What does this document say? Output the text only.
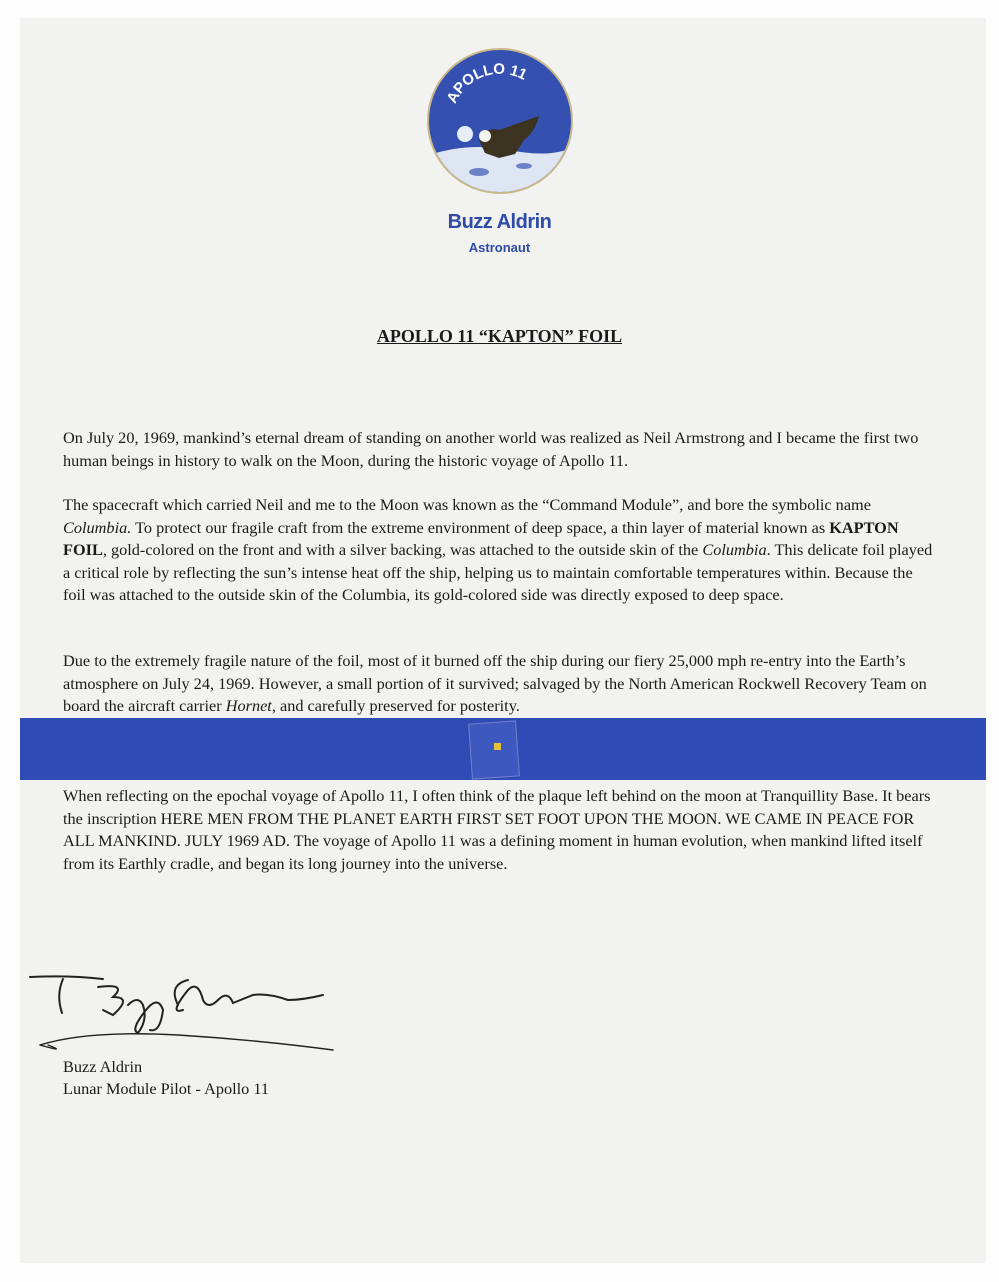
APOLLO 11
Buzz Aldrin
Astronaut
APOLLO 11 “KAPTON” FOIL

On July 20, 1969, mankind’s eternal dream of standing on another world was realized as Neil Armstrong and I became the first two human beings in history to walk on the Moon, during the historic voyage of Apollo 11.

The spacecraft which carried Neil and me to the Moon was known as the “Command Module”, and bore the symbolic name Columbia. To protect our fragile craft from the extreme environment of deep space, a thin layer of material known as KAPTON FOIL, gold-colored on the front and with a silver backing, was attached to the outside skin of the Columbia. This delicate foil played a critical role by reflecting the sun’s intense heat off the ship, helping us to maintain comfortable temperatures within. Because the foil was attached to the outside skin of the Columbia, its gold-colored side was directly exposed to deep space.

Due to the extremely fragile nature of the foil, most of it burned off the ship during our fiery 25,000 mph re-entry into the Earth’s atmosphere on July 24, 1969. However, a small portion of it survived; salvaged by the North American Rockwell Recovery Team on board the aircraft carrier Hornet, and carefully preserved for posterity.

When reflecting on the epochal voyage of Apollo 11, I often think of the plaque left behind on the moon at Tranquillity Base. It bears the inscription HERE MEN FROM THE PLANET EARTH FIRST SET FOOT UPON THE MOON. WE CAME IN PEACE FOR ALL MANKIND. JULY 1969 AD. The voyage of Apollo 11 was a defining moment in human evolution, when mankind lifted itself from its Earthly cradle, and began its long journey into the universe.

Buzz Aldrin
Lunar Module Pilot - Apollo 11
